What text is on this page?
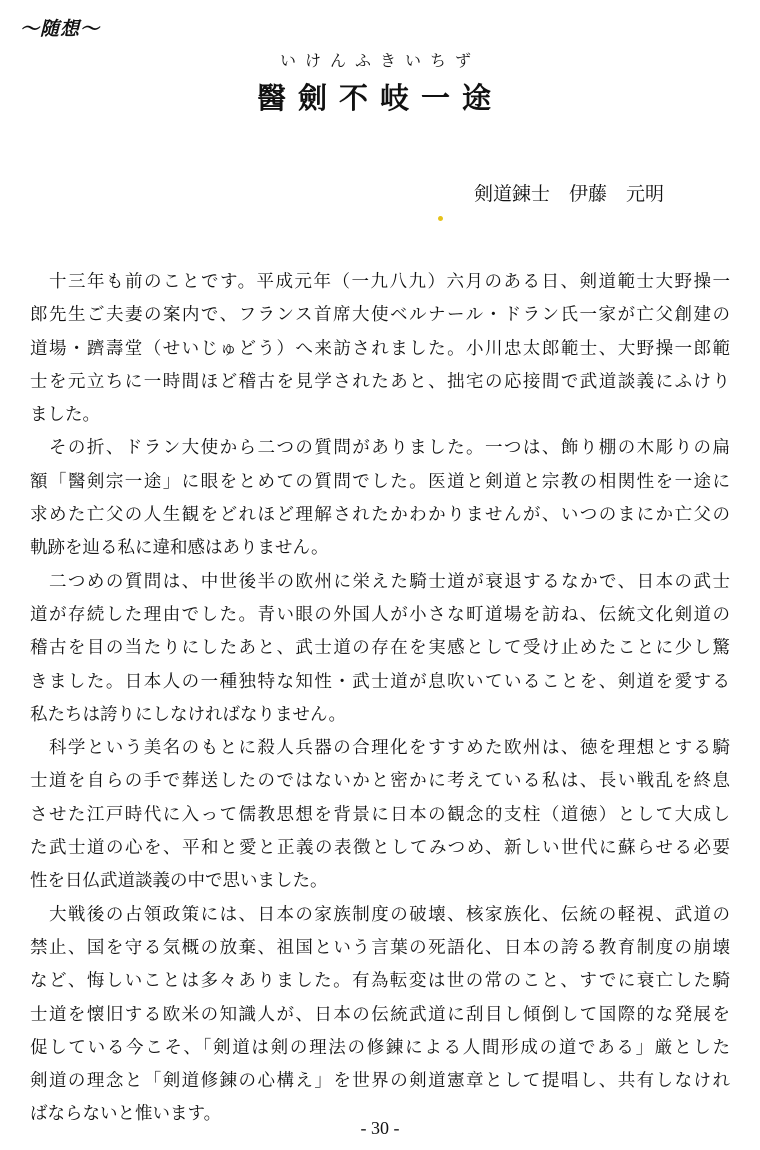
〜随想〜
いけんふきいちず
醫劍不岐一途
剣道錬士　伊藤　元明

　十三年も前のことです。平成元年（一九八九）六月のある日、剣道範士大野操一

郎先生ご夫妻の案内で、フランス首席大使ベルナール・ドラン氏一家が亡父創建の

道場・躋壽堂（せいじゅどう）へ来訪されました。小川忠太郎範士、大野操一郎範

士を元立ちに一時間ほど稽古を見学されたあと、拙宅の応接間で武道談義にふけり

ました。

　その折、ドラン大使から二つの質問がありました。一つは、飾り棚の木彫りの扁

額「醫剣宗一途」に眼をとめての質問でした。医道と剣道と宗教の相関性を一途に

求めた亡父の人生観をどれほど理解されたかわかりませんが、いつのまにか亡父の

軌跡を辿る私に違和感はありません。

　二つめの質問は、中世後半の欧州に栄えた騎士道が衰退するなかで、日本の武士

道が存続した理由でした。青い眼の外国人が小さな町道場を訪ね、伝統文化剣道の

稽古を目の当たりにしたあと、武士道の存在を実感として受け止めたことに少し驚

きました。日本人の一種独特な知性・武士道が息吹いていることを、剣道を愛する

私たちは誇りにしなければなりません。

　科学という美名のもとに殺人兵器の合理化をすすめた欧州は、徳を理想とする騎

士道を自らの手で葬送したのではないかと密かに考えている私は、長い戦乱を終息

させた江戸時代に入って儒教思想を背景に日本の観念的支柱（道徳）として大成し

た武士道の心を、平和と愛と正義の表徴としてみつめ、新しい世代に蘇らせる必要

性を日仏武道談義の中で思いました。

　大戦後の占領政策には、日本の家族制度の破壊、核家族化、伝統の軽視、武道の

禁止、国を守る気概の放棄、祖国という言葉の死語化、日本の誇る教育制度の崩壊

など、悔しいことは多々ありました。有為転変は世の常のこと、すでに衰亡した騎

士道を懐旧する欧米の知識人が、日本の伝統武道に刮目し傾倒して国際的な発展を

促している今こそ、「剣道は剣の理法の修錬による人間形成の道である」厳とした

剣道の理念と「剣道修錬の心構え」を世界の剣道憲章として提唱し、共有しなけれ

ばならないと惟います。

- 30 -
